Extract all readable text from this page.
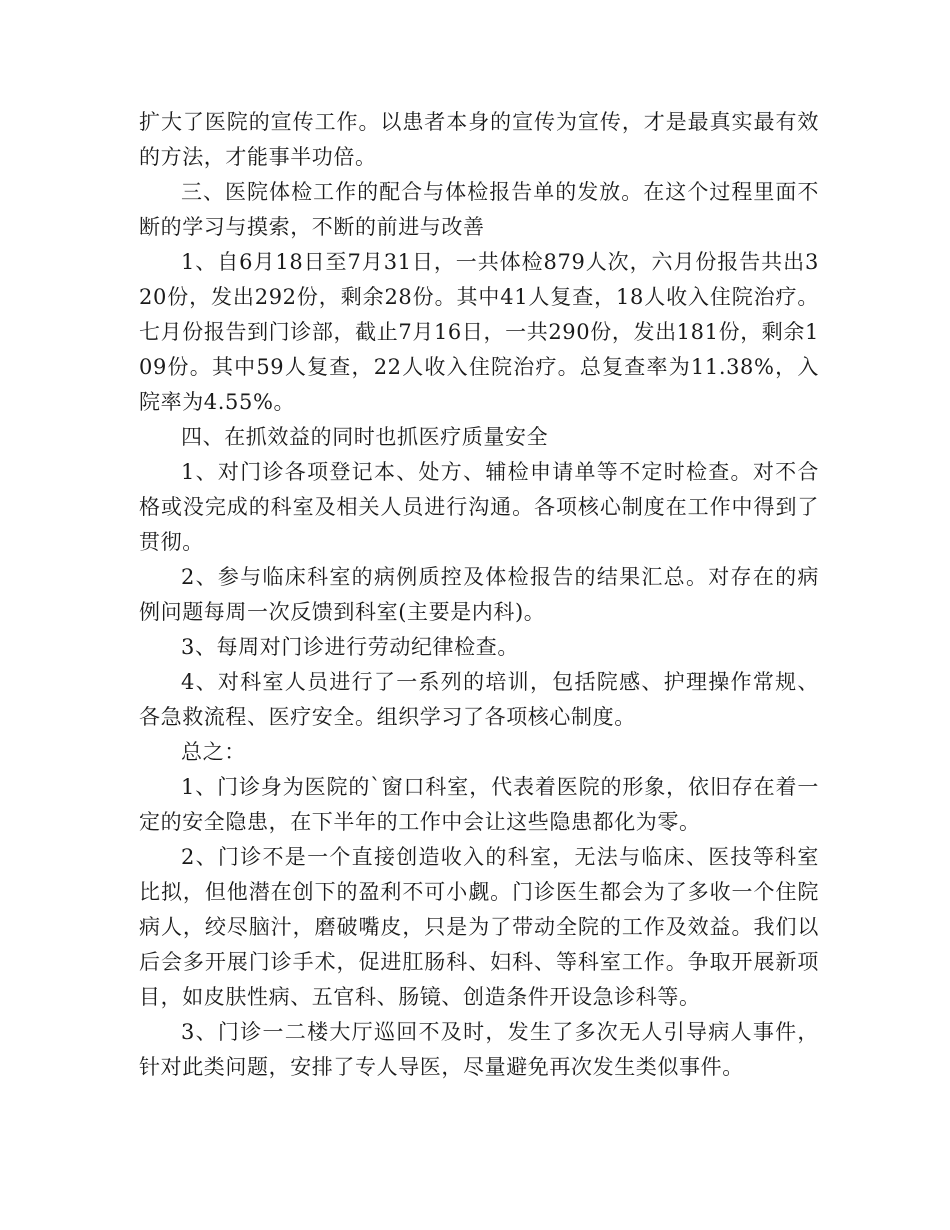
扩大了医院的宣传工作。以患者本身的宣传为宣传，才是最真实最有效的方法，才能事半功倍。

三、医院体检工作的配合与体检报告单的发放。在这个过程里面不断的学习与摸索，不断的前进与改善

1、自6月18日至7月31日，一共体检879人次，六月份报告共出320份，发出292份，剩余28份。其中41人复查，18人收入住院治疗。七月份报告到门诊部，截止7月16日，一共290份，发出181份，剩余109份。其中59人复查，22人收入住院治疗。总复查率为11.38%，入院率为4.55%。

四、在抓效益的同时也抓医疗质量安全

1、对门诊各项登记本、处方、辅检申请单等不定时检查。对不合格或没完成的科室及相关人员进行沟通。各项核心制度在工作中得到了贯彻。

2、参与临床科室的病例质控及体检报告的结果汇总。对存在的病例问题每周一次反馈到科室(主要是内科)。

3、每周对门诊进行劳动纪律检查。

4、对科室人员进行了一系列的培训，包括院感、护理操作常规、各急救流程、医疗安全。组织学习了各项核心制度。

总之：

1、门诊身为医院的`窗口科室，代表着医院的形象，依旧存在着一定的安全隐患，在下半年的工作中会让这些隐患都化为零。

2、门诊不是一个直接创造收入的科室，无法与临床、医技等科室比拟，但他潜在创下的盈利不可小觑。门诊医生都会为了多收一个住院病人，绞尽脑汁，磨破嘴皮，只是为了带动全院的工作及效益。我们以后会多开展门诊手术，促进肛肠科、妇科、等科室工作。争取开展新项目，如皮肤性病、五官科、肠镜、创造条件开设急诊科等。

3、门诊一二楼大厅巡回不及时，发生了多次无人引导病人事件，针对此类问题，安排了专人导医，尽量避免再次发生类似事件。
